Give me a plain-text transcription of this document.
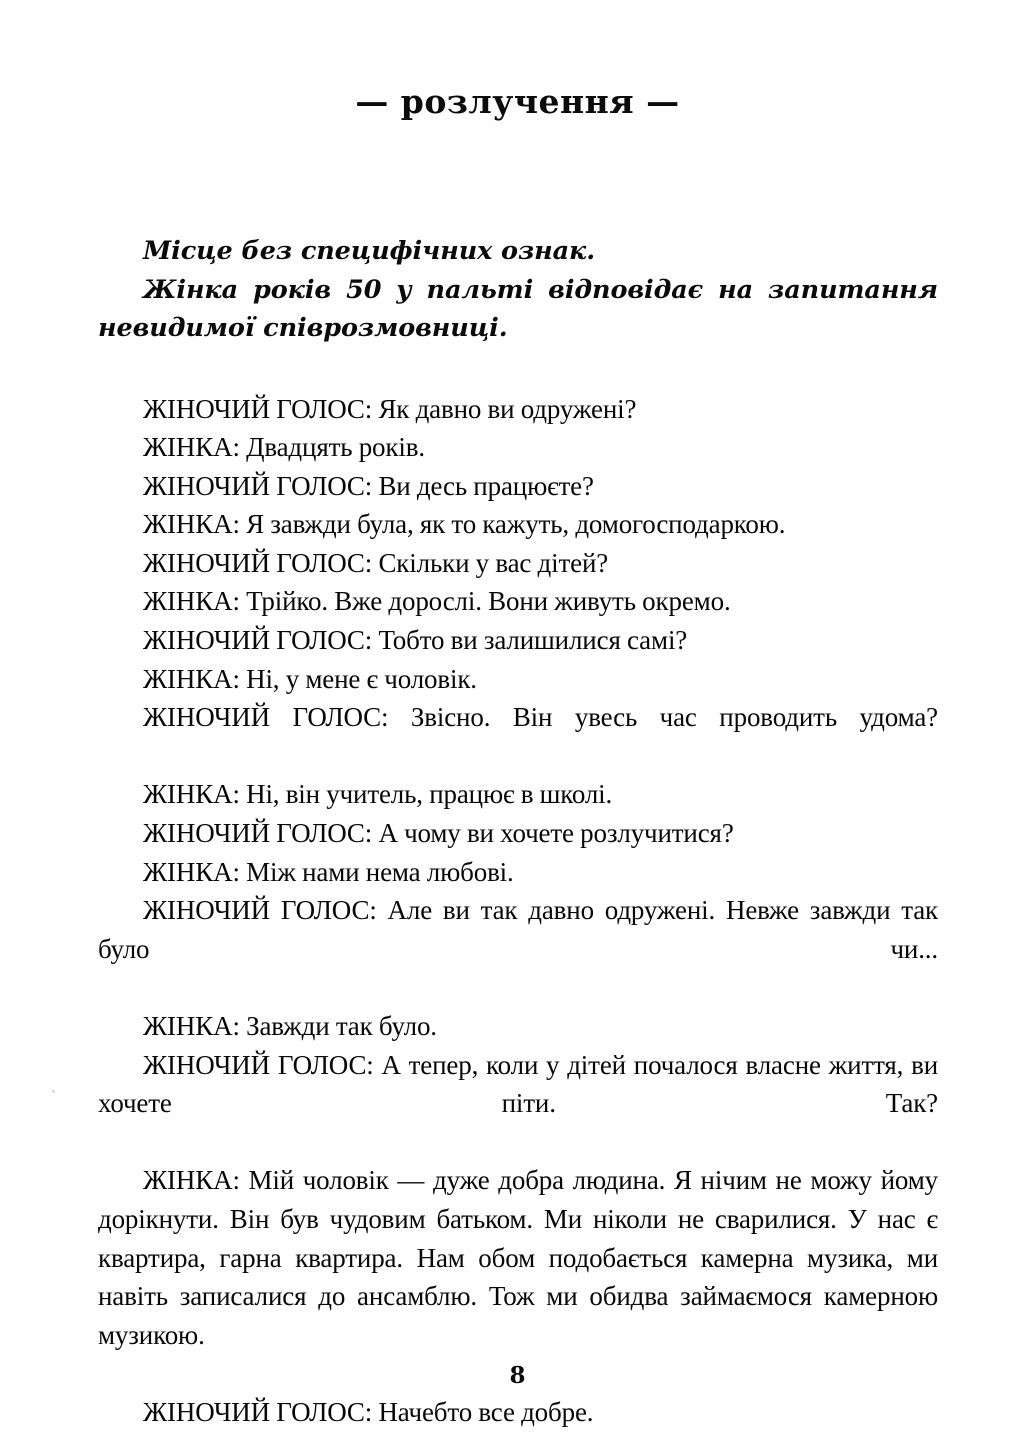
— розлучення —

Місце без специфічних ознак.

Жінка років 50 у пальті відповідає на запитання невидимої співрозмовниці.

ЖІНОЧИЙ ГОЛОС: Як давно ви одружені?

ЖІНКА: Двадцять років.

ЖІНОЧИЙ ГОЛОС: Ви десь працюєте?

ЖІНКА: Я завжди була, як то кажуть, домогосподаркою.

ЖІНОЧИЙ ГОЛОС: Скільки у вас дітей?

ЖІНКА: Трійко. Вже дорослі. Вони живуть окремо.

ЖІНОЧИЙ ГОЛОС: Тобто ви залишилися самі?

ЖІНКА: Ні, у мене є чоловік.

ЖІНОЧИЙ ГОЛОС: Звісно. Він увесь час проводить удома?

ЖІНКА: Ні, він учитель, працює в школі.

ЖІНОЧИЙ ГОЛОС: А чому ви хочете розлучитися?

ЖІНКА: Між нами нема любові.

ЖІНОЧИЙ ГОЛОС: Але ви так давно одружені. Невже завжди так було чи...

ЖІНКА: Завжди так було.

ЖІНОЧИЙ ГОЛОС: А тепер, коли у дітей почалося власне життя, ви хочете піти. Так?

ЖІНКА: Мій чоловік — дуже добра людина. Я нічим не можу йому дорікнути. Він був чудовим батьком. Ми ніколи не сварилися. У нас є квартира, гарна квартира. Нам обом подобається камерна музика, ми навіть записалися до ансамблю. Тож ми обидва займаємося камерною музикою.

ЖІНОЧИЙ ГОЛОС: Начебто все добре.

8
